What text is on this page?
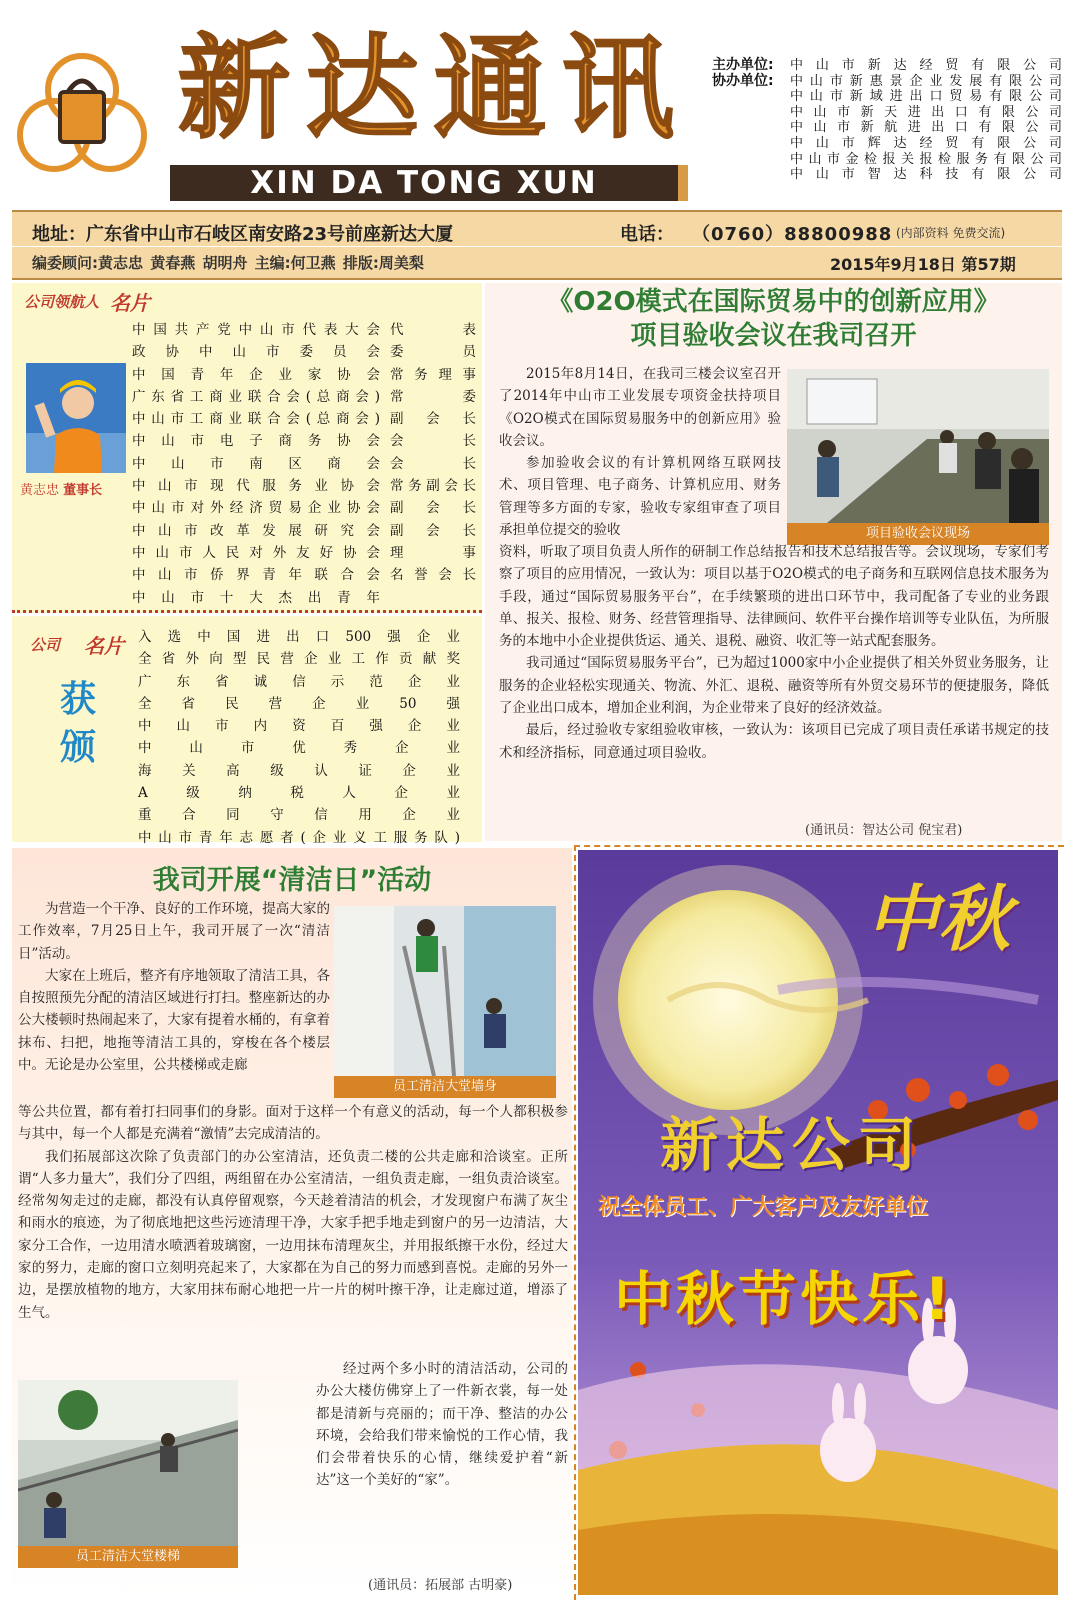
新达通讯
XIN DA TONG XUN
主办单位:	中山市新达经贸有限公司
协办单位:	中山市新惠景企业发展有限公司
中山市新域进出口贸易有限公司
中山市新天进出口有限公司
中山市新航进出口有限公司
中山市辉达经贸有限公司
中山市金检报关报检服务有限公司
中山市智达科技有限公司
地址：广东省中山市石岐区南安路23号前座新达大厦	电话： （0760）88800988 (内部资料 免费交流)
编委顾问:黄志忠 黄春燕 胡明舟 主编:何卫燕 排版:周美梨	2015年9月18日 第57期
公司领航人 名片
黄志忠 董事长
中国共产党中山市代表大会 代表
政协中山市委员会 委员
中国青年企业家协会 常务理事
广东省工商业联合会(总商会) 常委
中山市工商业联合会(总商会) 副会长
中山市电子商务协会 会长
中山市南区商会 会长
中山市现代服务业协会 常务副会长
中山市对外经济贸易企业协会 副会长
中山市改革发展研究会 副会长
中山市人民对外友好协会 理事
中山市侨界青年联合会 名誉会长
中山市十大杰出青年
公司 名片
获
颁
入选中国进出口500强企业
全省外向型民营企业工作贡献奖
广东省诚信示范企业
全省民营企业50强
中山市内资百强企业
中山市优秀企业
海关高级认证企业
A级纳税人企业
重合同守信用企业
中山市青年志愿者(企业义工服务队)
《O2O模式在国际贸易中的创新应用》
项目验收会议在我司召开
项目验收会议现场

2015年8月14日，在我司三楼会议室召开了2014年中山市工业发展专项资金扶持项目《O2O模式在国际贸易服务中的创新应用》验收会议。

参加验收会议的有计算机网络互联网技术、项目管理、电子商务、计算机应用、财务管理等多方面的专家，验收专家组审查了项目承担单位提交的验收

资料，听取了项目负责人所作的研制工作总结报告和技术总结报告等。会议现场，专家们考察了项目的应用情况，一致认为：项目以基于O2O模式的电子商务和互联网信息技术服务为手段，通过“国际贸易服务平台”，在手续繁琐的进出口环节中，我司配备了专业的业务跟单、报关、报检、财务、经营管理指导、法律顾问、软件平台操作培训等专业队伍，为所服务的本地中小企业提供货运、通关、退税、融资、收汇等一站式配套服务。

我司通过“国际贸易服务平台”，已为超过1000家中小企业提供了相关外贸业务服务，让服务的企业轻松实现通关、物流、外汇、退税、融资等所有外贸交易环节的便捷服务，降低了企业出口成本，增加企业利润，为企业带来了良好的经济效益。

最后，经过验收专家组验收审核，一致认为：该项目已完成了项目责任承诺书规定的技术和经济指标，同意通过项目验收。

(通讯员：智达公司 倪宝君)
我司开展“清洁日”活动
员工清洁大堂墙身

为营造一个干净、良好的工作环境，提高大家的工作效率，7月25日上午，我司开展了一次“清洁日”活动。

大家在上班后，整齐有序地领取了清洁工具，各自按照预先分配的清洁区域进行打扫。整座新达的办公大楼顿时热闹起来了，大家有提着水桶的，有拿着抹布、扫把，地拖等清洁工具的，穿梭在各个楼层中。无论是办公室里，公共楼梯或走廊

等公共位置，都有着打扫同事们的身影。面对于这样一个有意义的活动，每一个人都积极参与其中，每一个人都是充满着“激情”去完成清洁的。

我们拓展部这次除了负责部门的办公室清洁，还负责二楼的公共走廊和洽谈室。正所谓“人多力量大”，我们分了四组，两组留在办公室清洁，一组负责走廊，一组负责洽谈室。经常匆匆走过的走廊，都没有认真停留观察，今天趁着清洁的机会，才发现窗户布满了灰尘和雨水的痕迹，为了彻底地把这些污迹清理干净，大家手把手地走到窗户的另一边清洁，大家分工合作，一边用清水喷洒着玻璃窗，一边用抹布清理灰尘，并用报纸擦干水份，经过大家的努力，走廊的窗口立刻明亮起来了，大家都在为自己的努力而感到喜悦。走廊的另外一边，是摆放植物的地方，大家用抹布耐心地把一片一片的树叶擦干净，让走廊过道，增添了生气。

员工清洁大堂楼梯

经过两个多小时的清洁活动，公司的办公大楼仿佛穿上了一件新衣裳，每一处都是清新与亮丽的；而干净、整洁的办公环境，会给我们带来愉悦的工作心情，我们会带着快乐的心情，继续爱护着“新达”这一个美好的“家”。

(通讯员：拓展部 古明豪)
中秋
新达公司
祝全体员工、广大客户及友好单位
中秋节快乐!
